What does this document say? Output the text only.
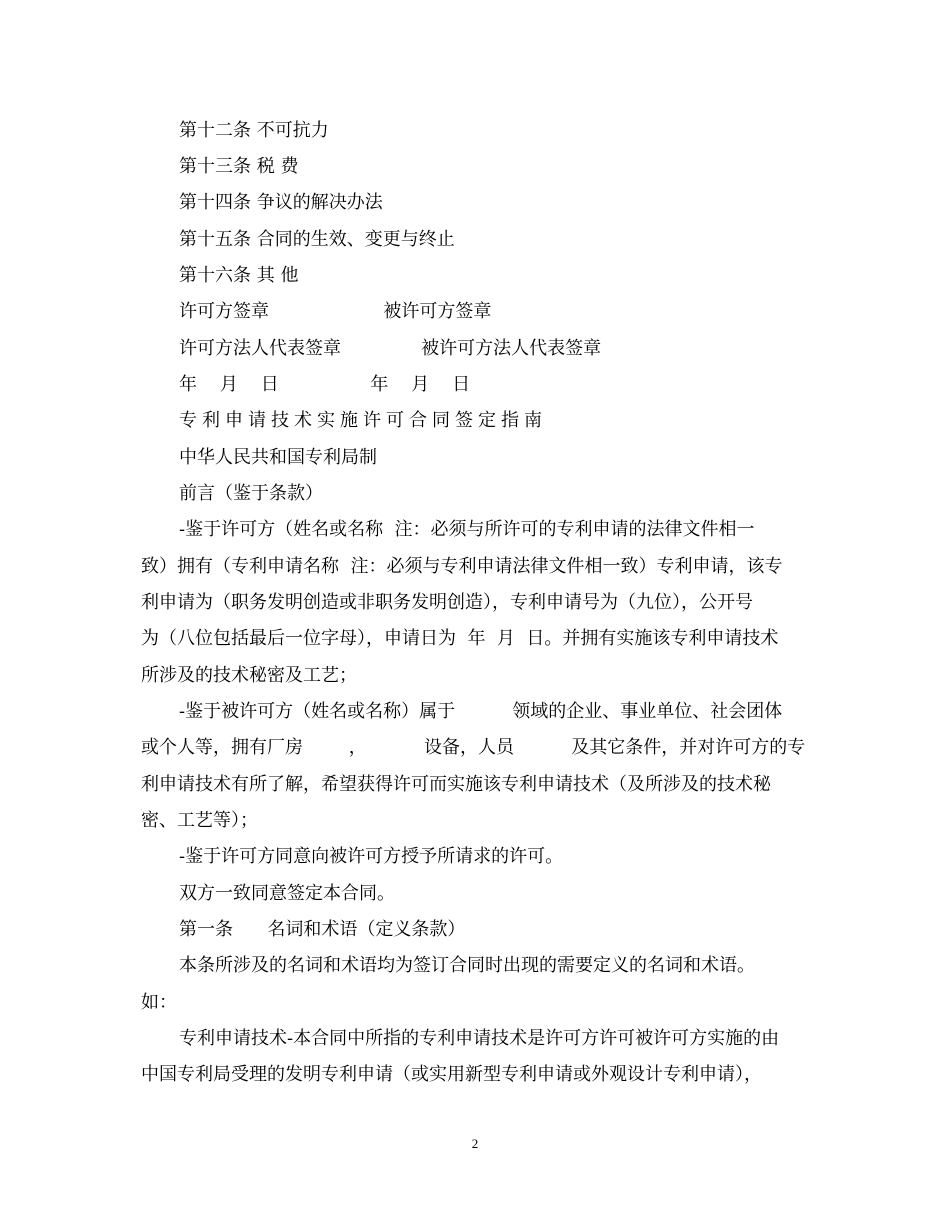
第十二条 不可抗力
第十三条 税 费
第十四条 争议的解决办法
第十五条 合同的生效、变更与终止
第十六条 其 他
许可方签章                    被许可方签章
许可方法人代表签章              被许可方法人代表签章
年    月    日                年    月    日
专利申请技术实施许可合同签定指南
中华人民共和国专利局制
前言（鉴于条款）
-鉴于许可方（姓名或名称  注：必须与所许可的专利申请的法律文件相一
致）拥有（专利申请名称  注：必须与专利申请法律文件相一致）专利申请，该专
利申请为（职务发明创造或非职务发明创造），专利申请号为（九位），公开号
为（八位包括最后一位字母），申请日为  年  月  日。并拥有实施该专利申请技术
所涉及的技术秘密及工艺；
-鉴于被许可方（姓名或名称）属于          领域的企业、事业单位、社会团体
或个人等，拥有厂房        ，          设备，人员          及其它条件，并对许可方的专
利申请技术有所了解，希望获得许可而实施该专利申请技术（及所涉及的技术秘
密、工艺等）；
-鉴于许可方同意向被许可方授予所请求的许可。
双方一致同意签定本合同。
第一条      名词和术语（定义条款）
本条所涉及的名词和术语均为签订合同时出现的需要定义的名词和术语。
如：
专利申请技术-本合同中所指的专利申请技术是许可方许可被许可方实施的由
中国专利局受理的发明专利申请（或实用新型专利申请或外观设计专利申请），
2
